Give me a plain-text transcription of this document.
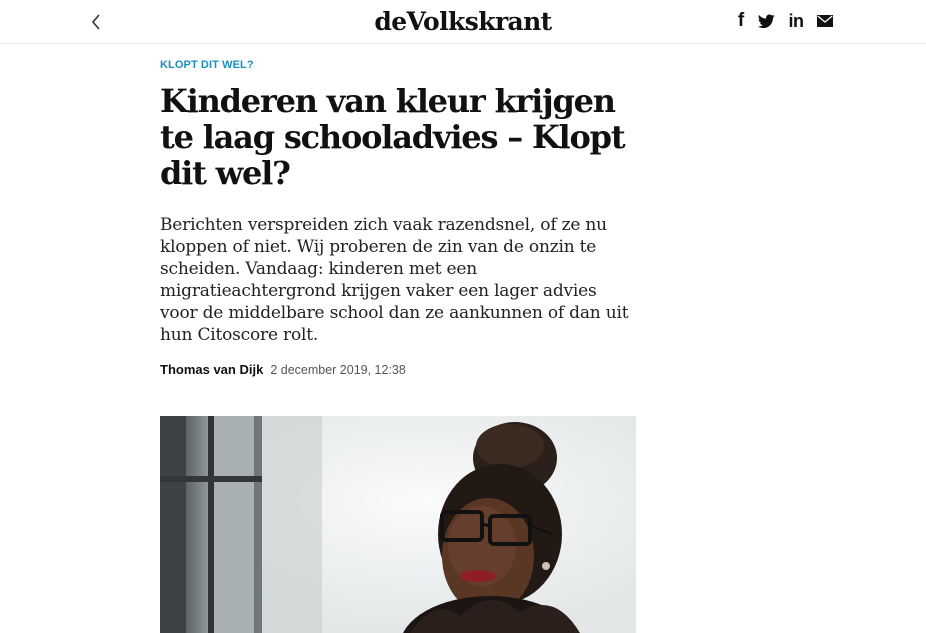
deVolkskrant	f in
KLOPT DIT WEL?
Kinderen van kleur krijgen te laag schooladvies – Klopt dit wel?

Berichten verspreiden zich vaak razendsnel, of ze nu kloppen of niet. Wij proberen de zin van de onzin te scheiden. Vandaag: kinderen met een migratieachtergrond krijgen vaker een lager advies voor de middelbare school dan ze aankunnen of dan uit hun Citoscore rolt.

Thomas van Dijk 2 december 2019, 12:38
